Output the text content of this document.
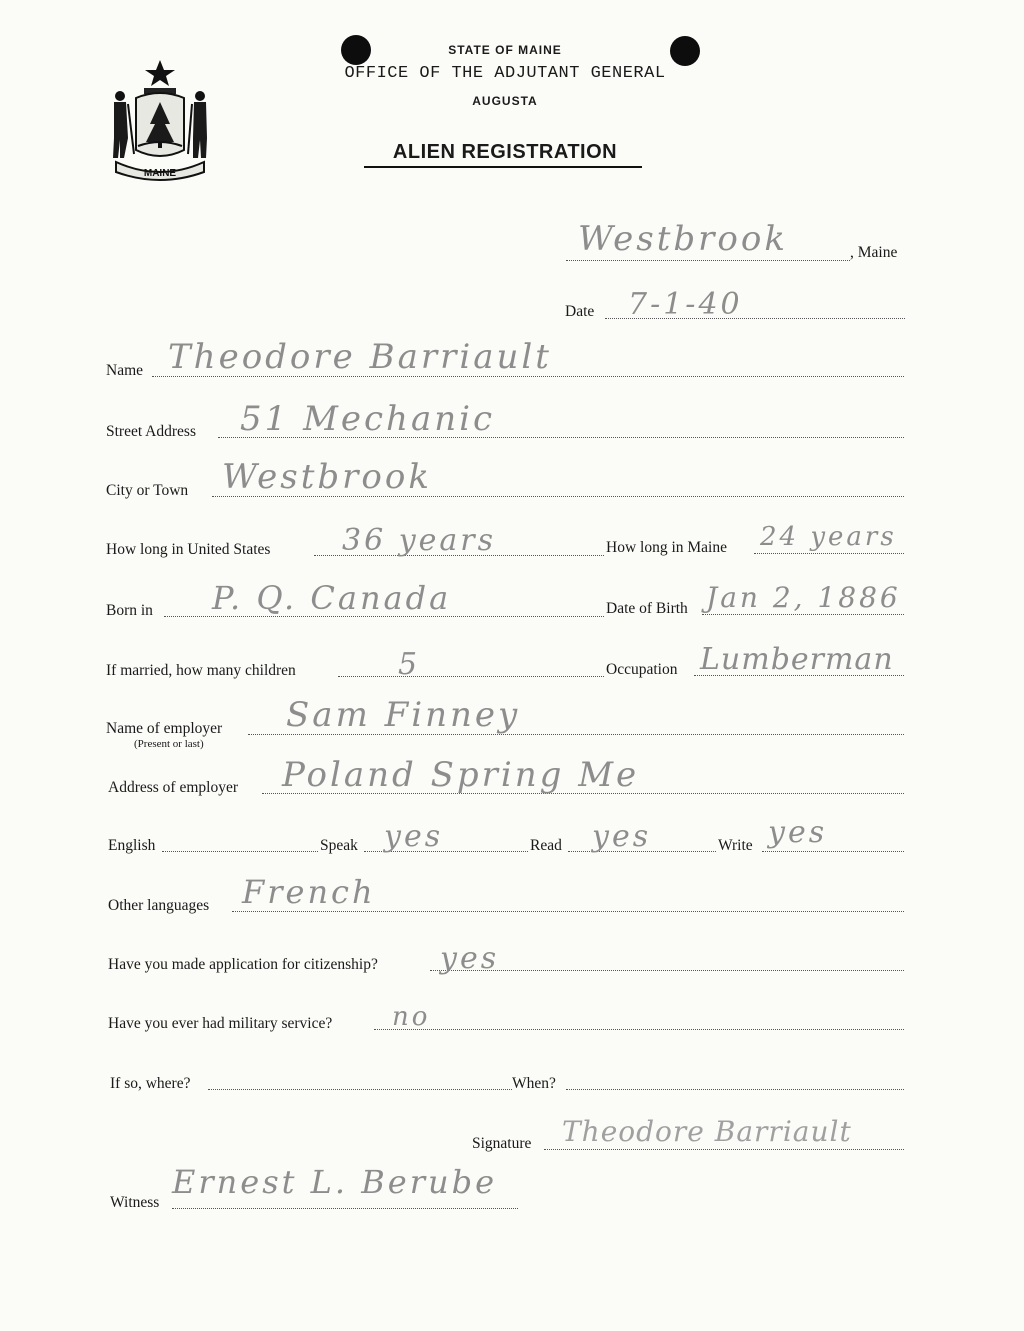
STATE OF MAINE
OFFICE OF THE ADJUTANT GENERAL
AUGUSTA
ALIEN REGISTRATION
MAINE
Westbrook	, Maine
Date 7-1-40
Name Theodore Barriault
Street Address 51 Mechanic
City or Town Westbrook
How long in United States 36 years	How long in Maine 24 years
Born in P. Q. Canada	Date of Birth Jan 2, 1886
If married, how many children	5	Occupation Lumberman
Name of employer
(Present or last)
Sam Finney
Address of employer Poland Spring Me
English	Speak yes	Read yes	Write yes
Other languages French
Have you made application for citizenship? yes
Have you ever had military service? no
If so, where?	When?
Signature Theodore Barriault
Witness
Ernest L. Berube
